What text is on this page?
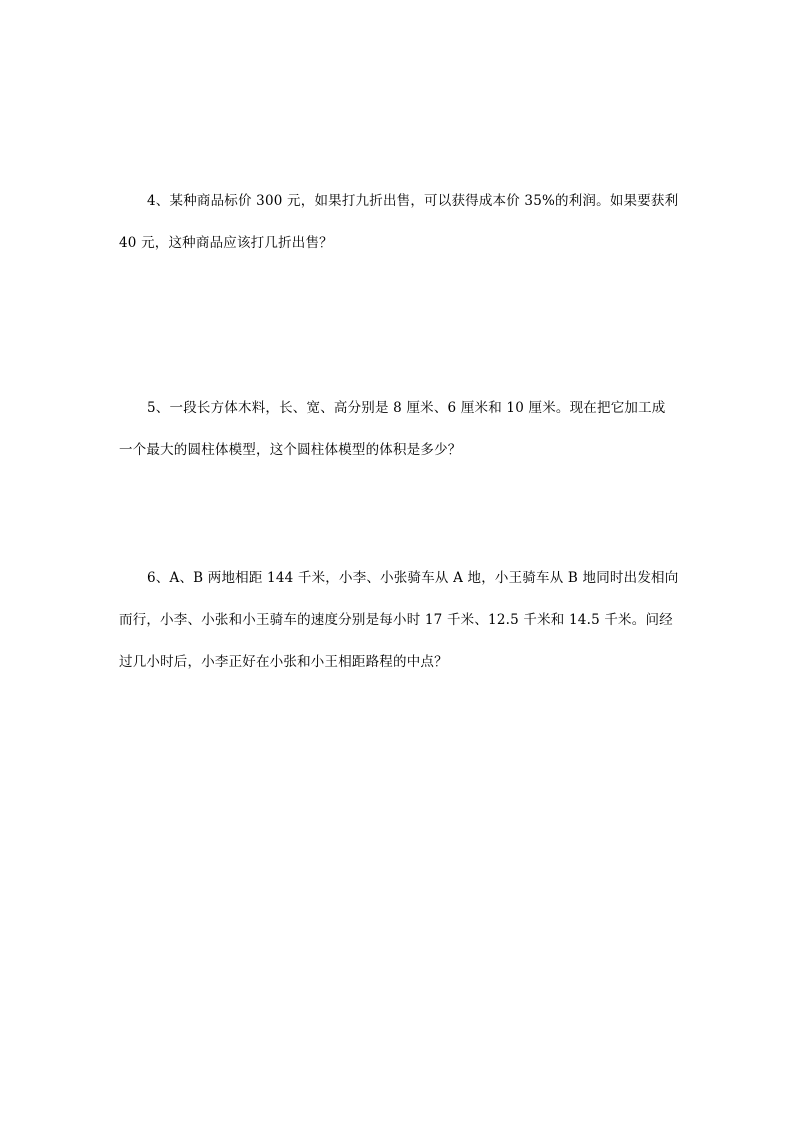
4、某种商品标价 300 元，如果打九折出售，可以获得成本价 35%的利润。如果要获利
40 元，这种商品应该打几折出售？
5、一段长方体木料，长、宽、高分别是 8 厘米、6 厘米和 10 厘米。现在把它加工成
一个最大的圆柱体模型，这个圆柱体模型的体积是多少？
6、A、B 两地相距 144 千米，小李、小张骑车从 A 地，小王骑车从 B 地同时出发相向
而行，小李、小张和小王骑车的速度分别是每小时 17 千米、12.5 千米和 14.5 千米。问经
过几小时后，小李正好在小张和小王相距路程的中点？
